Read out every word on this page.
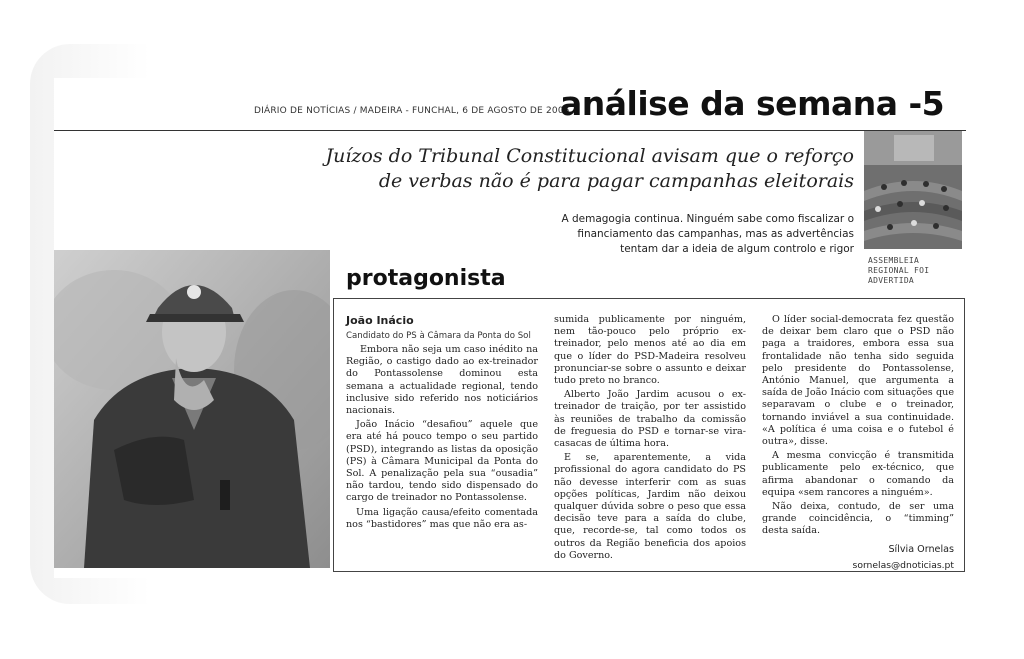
DIÁRIO DE NOTÍCIAS / MADEIRA - FUNCHAL, 6 DE AGOSTO DE 2005
análise da semana -5
Juízos do Tribunal Constitucional avisam que o reforço
de verbas não é para pagar campanhas eleitorais
A demagogia continua. Ninguém sabe como fiscalizar o
financiamento das campanhas, mas as advertências
tentam dar a ideia de algum controlo e rigor
ASSEMBLEIA
REGIONAL FOI
ADVERTIDA
protagonista

João Inácio

Candidato do PS à Câmara da Ponta do Sol

Embora não seja um caso inédito na Região, o castigo dado ao ex-treinador do Pontassolense dominou esta semana a actualidade regional, tendo inclusive sido referido nos noticiários nacionais.

João Inácio “desafiou” aquele que era até há pouco tempo o seu partido (PSD), integrando as listas da oposição (PS) à Câmara Municipal da Ponta do Sol. A penalização pela sua “ousadia” não tardou, tendo sido dispensado do cargo de treinador no Pontassolense.

Uma ligação causa/efeito comentada nos “bastidores” mas que não era as-

sumida publicamente por ninguém, nem tão-pouco pelo próprio ex-treinador, pelo menos até ao dia em que o líder do PSD-Madeira resolveu pronunciar-se sobre o assunto e deixar tudo preto no branco.

Alberto João Jardim acusou o ex-treinador de traição, por ter assistido às reuniões de trabalho da comissão de freguesia do PSD e tornar-se vira-casacas de última hora.

E se, aparentemente, a vida profissional do agora candidato do PS não devesse interferir com as suas opções políticas, Jardim não deixou qualquer dúvida sobre o peso que essa decisão teve para a saída do clube, que, recorde-se, tal como todos os outros da Região beneficia dos apoios do Governo.

O líder social-democrata fez questão de deixar bem claro que o PSD não paga a traidores, embora essa sua frontalidade não tenha sido seguida pelo presidente do Pontassolense, António Manuel, que argumenta a saída de João Inácio com situações que separavam o clube e o treinador, tornando inviável a sua continuidade. «A política é uma coisa e o futebol é outra», disse.

A mesma convicção é transmitida publicamente pelo ex-técnico, que afirma abandonar o comando da equipa «sem rancores a ninguém».

Não deixa, contudo, de ser uma grande coincidência, o “timming” desta saída.

Sílvia Ornelas
sornelas@dnoticias.pt
